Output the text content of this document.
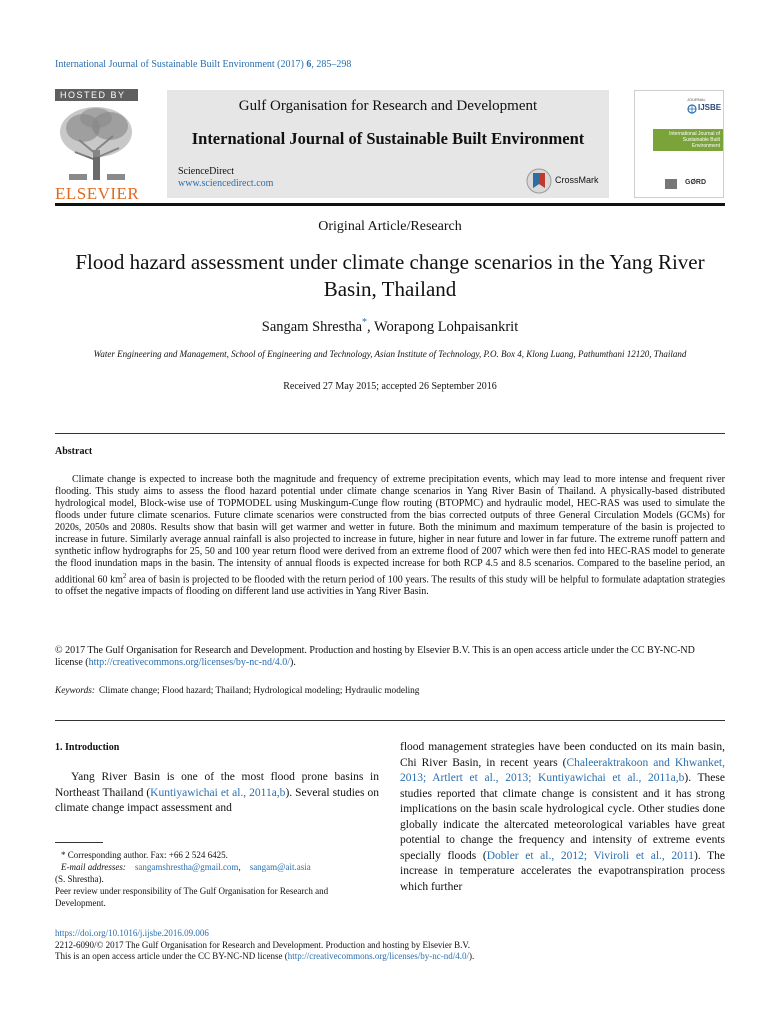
International Journal of Sustainable Built Environment (2017) 6, 285–298
HOSTED BY
ELSEVIER
Gulf Organisation for Research and Development
International Journal of Sustainable Built Environment
ScienceDirect
www.sciencedirect.com	CrossMark
JOURNAL
IJSBE
International Journal of Sustainable Built Environment
GØRD
Original Article/Research
Flood hazard assessment under climate change scenarios in the Yang River Basin, Thailand
Sangam Shrestha*, Worapong Lohpaisankrit
Water Engineering and Management, School of Engineering and Technology, Asian Institute of Technology, P.O. Box 4, Klong Luang, Pathumthani 12120, Thailand
Received 27 May 2015; accepted 26 September 2016
Abstract

Climate change is expected to increase both the magnitude and frequency of extreme precipitation events, which may lead to more intense and frequent river flooding. This study aims to assess the flood hazard potential under climate change scenarios in Yang River Basin of Thailand. A physically-based distributed hydrological model, Block-wise use of TOPMODEL using Muskingum-Cunge flow routing (BTOPMC) and hydraulic model, HEC-RAS was used to simulate the floods under future climate scenarios. Future climate scenarios were constructed from the bias corrected outputs of three General Circulation Models (GCMs) for 2020s, 2050s and 2080s. Results show that basin will get warmer and wetter in future. Both the minimum and maximum temperature of the basin is projected to increase in future. Similarly average annual rainfall is also projected to increase in future, higher in near future and lower in far future. The extreme runoff pattern and synthetic inflow hydrographs for 25, 50 and 100 year return flood were derived from an extreme flood of 2007 which were then fed into HEC-RAS model to generate the flood inundation maps in the basin. The intensity of annual floods is expected increase for both RCP 4.5 and 8.5 scenarios. Compared to the baseline period, an additional 60 $km^2$ area of basin is projected to be flooded with the return period of 100 years. The results of this study will be helpful to formulate adaptation strategies to offset the negative impacts of flooding on different land use activities in Yang River Basin.

© 2017 The Gulf Organisation for Research and Development. Production and hosting by Elsevier B.V. This is an open access article under the CC BY-NC-ND license (http://creativecommons.org/licenses/by-nc-nd/4.0/).
Keywords: Climate change; Flood hazard; Thailand; Hydrological modeling; Hydraulic modeling
1. Introduction

Yang River Basin is one of the most flood prone basins in Northeast Thailand (Kuntiyawichai et al., 2011a,b). Several studies on climate change impact assessment and

* Corresponding author. Fax: +66 2 524 6425.

E-mail addresses: sangamshrestha@gmail.com,    sangam@ait.asia

(S. Shrestha).

Peer review under responsibility of The Gulf Organisation for Research and Development.

flood management strategies have been conducted on its main basin, Chi River Basin, in recent years (Chaleeraktrakoon and Khwanket, 2013; Artlert et al., 2013; Kuntiyawichai et al., 2011a,b). These studies reported that climate change is consistent and it has strong implications on the basin scale hydrological cycle. Other studies done globally indicate the altercated meteorological variables have great potential to change the frequency and intensity of extreme events specially floods (Dobler et al., 2012; Viviroli et al., 2011). The increase in temperature accelerates the evapotranspiration process which further

https://doi.org/10.1016/j.ijsbe.2016.09.006
2212-6090/© 2017 The Gulf Organisation for Research and Development. Production and hosting by Elsevier B.V.
This is an open access article under the CC BY-NC-ND license (http://creativecommons.org/licenses/by-nc-nd/4.0/).
